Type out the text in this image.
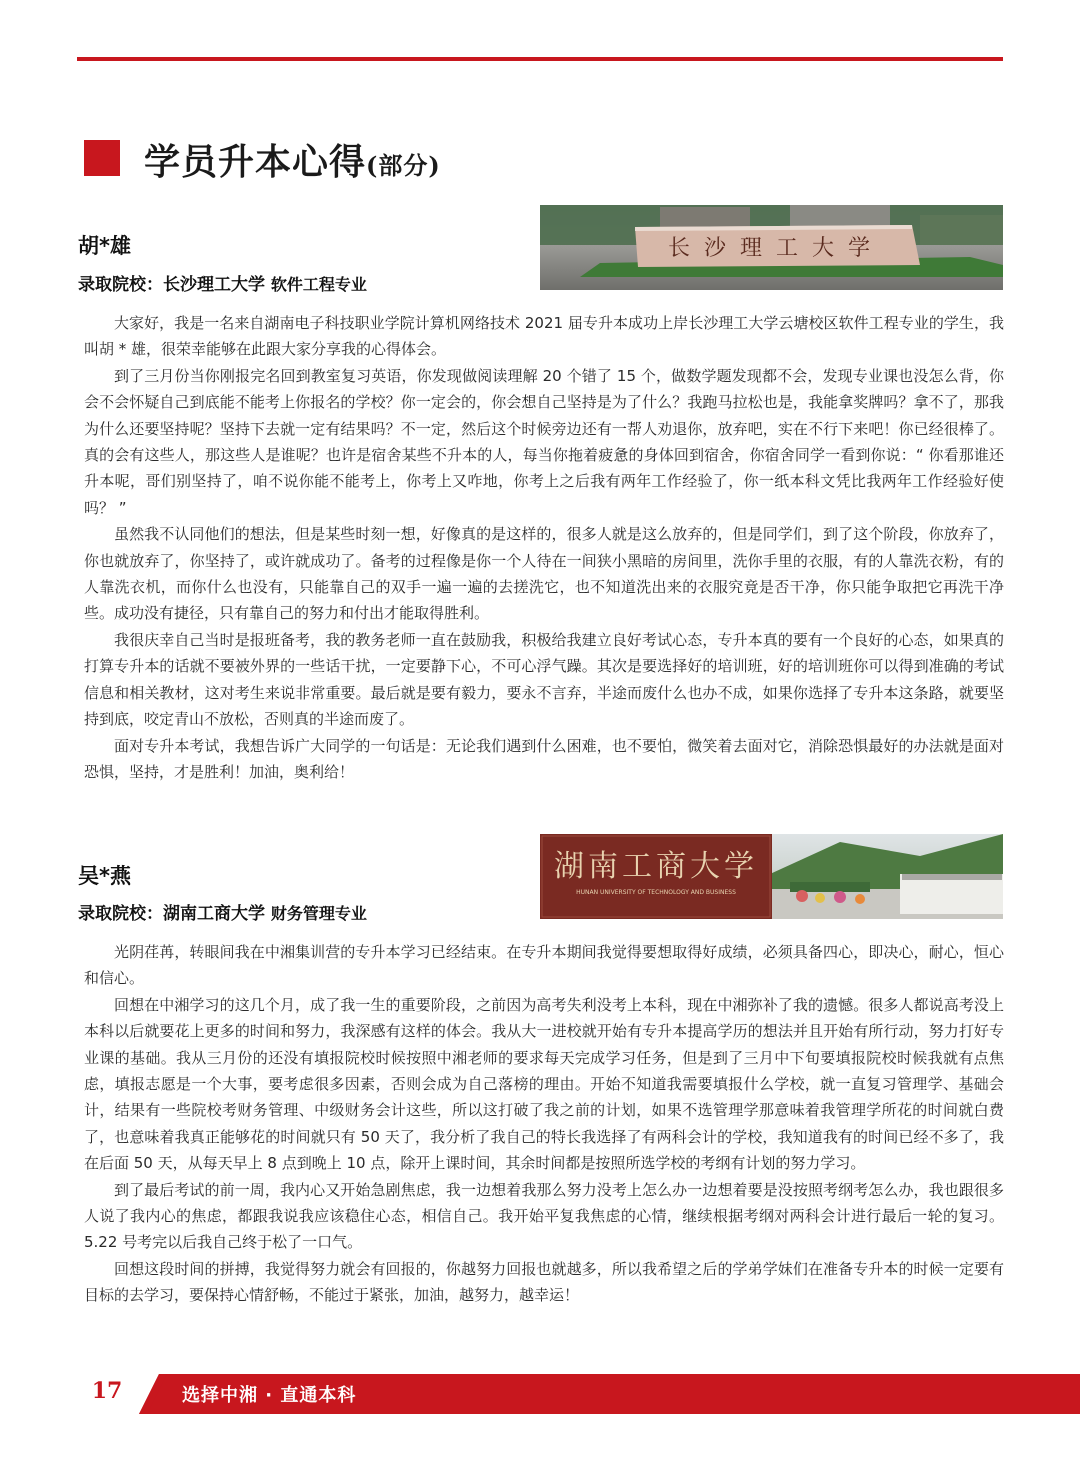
学员升本心得(部分)
胡*雄
录取院校：长沙理工大学 软件工程专业
长沙理工大学

大家好，我是一名来自湖南电子科技职业学院计算机网络技术 2021 届专升本成功上岸长沙理工大学云塘校区软件工程专业的学生，我叫胡 * 雄，很荣幸能够在此跟大家分享我的心得体会。

到了三月份当你刚报完名回到教室复习英语，你发现做阅读理解 20 个错了 15 个，做数学题发现都不会，发现专业课也没怎么背，你会不会怀疑自己到底能不能考上你报名的学校？你一定会的，你会想自己坚持是为了什么？我跑马拉松也是，我能拿奖牌吗？拿不了，那我为什么还要坚持呢？坚持下去就一定有结果吗？不一定，然后这个时候旁边还有一帮人劝退你，放弃吧，实在不行下来吧！你已经很棒了。真的会有这些人，那这些人是谁呢？也许是宿舍某些不升本的人，每当你拖着疲惫的身体回到宿舍，你宿舍同学一看到你说：“ 你看那谁还升本呢，哥们别坚持了，咱不说你能不能考上，你考上又咋地，你考上之后我有两年工作经验了，你一纸本科文凭比我两年工作经验好使吗？ ”

虽然我不认同他们的想法，但是某些时刻一想，好像真的是这样的，很多人就是这么放弃的，但是同学们，到了这个阶段，你放弃了，你也就放弃了，你坚持了，或许就成功了。备考的过程像是你一个人待在一间狭小黑暗的房间里，洗你手里的衣服，有的人靠洗衣粉，有的人靠洗衣机，而你什么也没有，只能靠自己的双手一遍一遍的去搓洗它，也不知道洗出来的衣服究竟是否干净，你只能争取把它再洗干净些。成功没有捷径，只有靠自己的努力和付出才能取得胜利。

我很庆幸自己当时是报班备考，我的教务老师一直在鼓励我，积极给我建立良好考试心态，专升本真的要有一个良好的心态，如果真的打算专升本的话就不要被外界的一些话干扰，一定要静下心，不可心浮气躁。其次是要选择好的培训班，好的培训班你可以得到准确的考试信息和相关教材，这对考生来说非常重要。最后就是要有毅力，要永不言弃，半途而废什么也办不成，如果你选择了专升本这条路，就要坚持到底，咬定青山不放松，否则真的半途而废了。

面对专升本考试，我想告诉广大同学的一句话是：无论我们遇到什么困难，也不要怕，微笑着去面对它，消除恐惧最好的办法就是面对恐惧，坚持，才是胜利！加油，奥利给！

吴*燕
录取院校：湖南工商大学 财务管理专业
湖南工商大学
HUNAN UNIVERSITY OF TECHNOLOGY AND BUSINESS

光阴荏苒，转眼间我在中湘集训营的专升本学习已经结束。在专升本期间我觉得要想取得好成绩，必须具备四心，即决心，耐心，恒心和信心。

回想在中湘学习的这几个月，成了我一生的重要阶段，之前因为高考失利没考上本科，现在中湘弥补了我的遗憾。很多人都说高考没上本科以后就要花上更多的时间和努力，我深感有这样的体会。我从大一进校就开始有专升本提高学历的想法并且开始有所行动，努力打好专业课的基础。我从三月份的还没有填报院校时候按照中湘老师的要求每天完成学习任务，但是到了三月中下旬要填报院校时候我就有点焦虑，填报志愿是一个大事，要考虑很多因素，否则会成为自己落榜的理由。开始不知道我需要填报什么学校，就一直复习管理学、基础会计，结果有一些院校考财务管理、中级财务会计这些，所以这打破了我之前的计划，如果不选管理学那意味着我管理学所花的时间就白费了，也意味着我真正能够花的时间就只有 50 天了，我分析了我自己的特长我选择了有两科会计的学校，我知道我有的时间已经不多了，我在后面 50 天，从每天早上 8 点到晚上 10 点，除开上课时间，其余时间都是按照所选学校的考纲有计划的努力学习。

到了最后考试的前一周，我内心又开始急剧焦虑，我一边想着我那么努力没考上怎么办一边想着要是没按照考纲考怎么办，我也跟很多人说了我内心的焦虑，都跟我说我应该稳住心态，相信自己。我开始平复我焦虑的心情，继续根据考纲对两科会计进行最后一轮的复习。5.22 号考完以后我自己终于松了一口气。

回想这段时间的拼搏，我觉得努力就会有回报的，你越努力回报也就越多，所以我希望之后的学弟学妹们在准备专升本的时候一定要有目标的去学习，要保持心情舒畅，不能过于紧张，加油，越努力，越幸运！

17	选择中湘 · 直通本科
